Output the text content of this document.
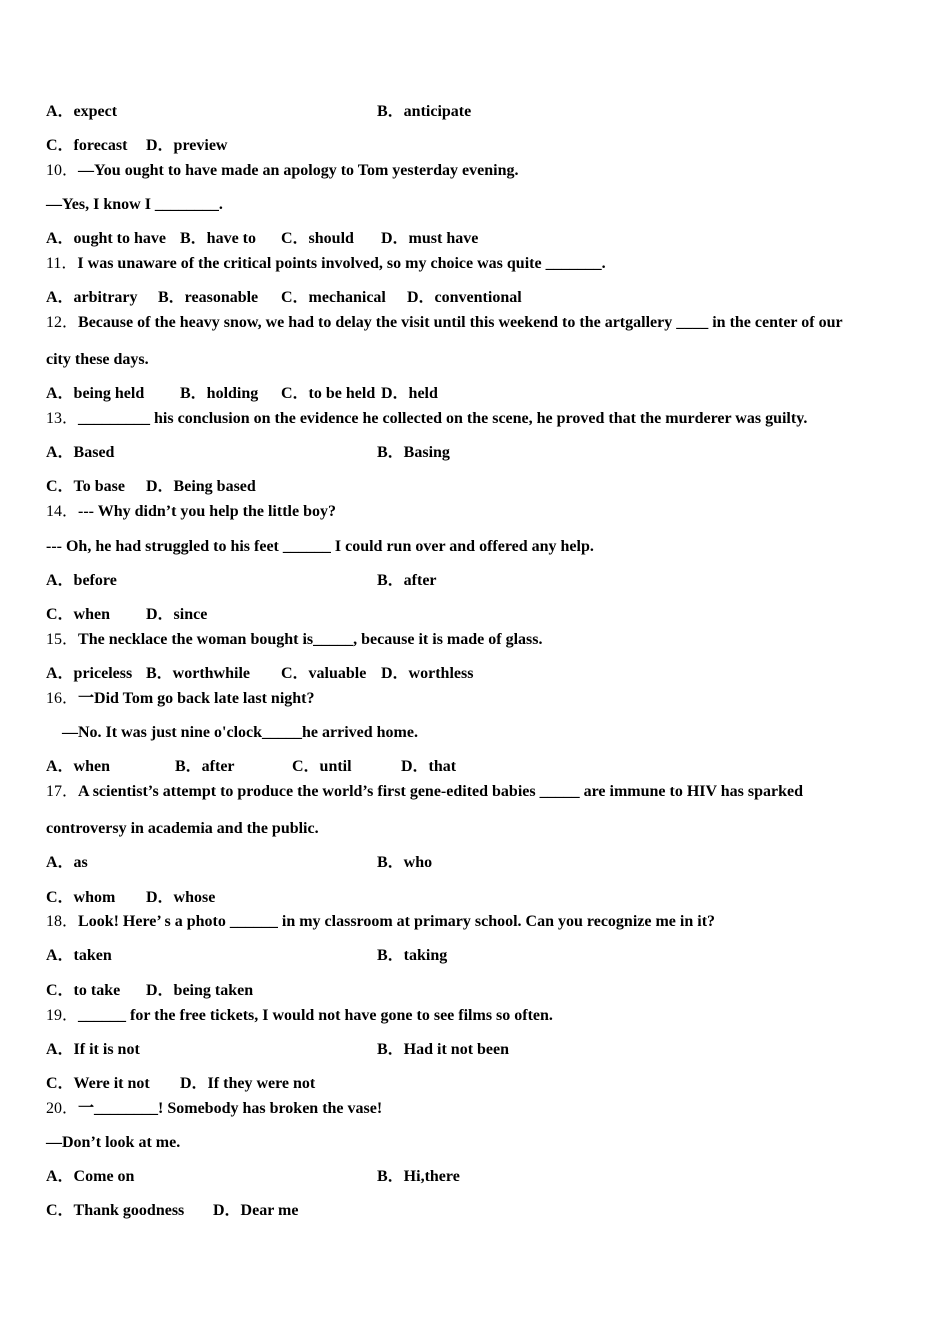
A．expect	B．anticipate
C．forecast D．preview
10．—You ought to have made an apology to Tom yesterday evening.
—Yes, I know I ________.
A．ought to have B．have to C．should D．must have
11．I was unaware of the critical points involved, so my choice was quite _______.
A．arbitrary B．reasonable C．mechanical D．conventional
12．Because of the heavy snow, we had to delay the visit until this weekend to the artgallery ____ in the center of our
city these days.
A．being held B．holding C．to be held D．held
13．_________ his conclusion on the evidence he collected on the scene, he proved that the murderer was guilty.
A．Based	B．Basing
C．To base D．Being based
14．--- Why didn’t you help the little boy?
--- Oh, he had struggled to his feet ______ I could run over and offered any help.
A．before	B．after
C．when D．since
15．The necklace the woman bought is_____, because it is made of glass.
A．priceless B．worthwhile C．valuable D．worthless
16．一Did Tom go back late last night?
—No. It was just nine o'clock_____he arrived home.
A．when	B．after	C．until	D．that
17．A scientist’s attempt to produce the world’s first gene-edited babies _____ are immune to HIV has sparked
controversy in academia and the public.
A．as	B．who
C．whom D．whose
18．Look! Here’ s a photo ______ in my classroom at primary school. Can you recognize me in it?
A．taken	B．taking
C．to take D．being taken
19．______ for the free tickets, I would not have gone to see films so often.
A．If it is not	B．Had it not been
C．Were it not D．If they were not
20．一________! Somebody has broken the vase!
—Don’t look at me.
A．Come on	B．Hi,there
C．Thank goodness D．Dear me
